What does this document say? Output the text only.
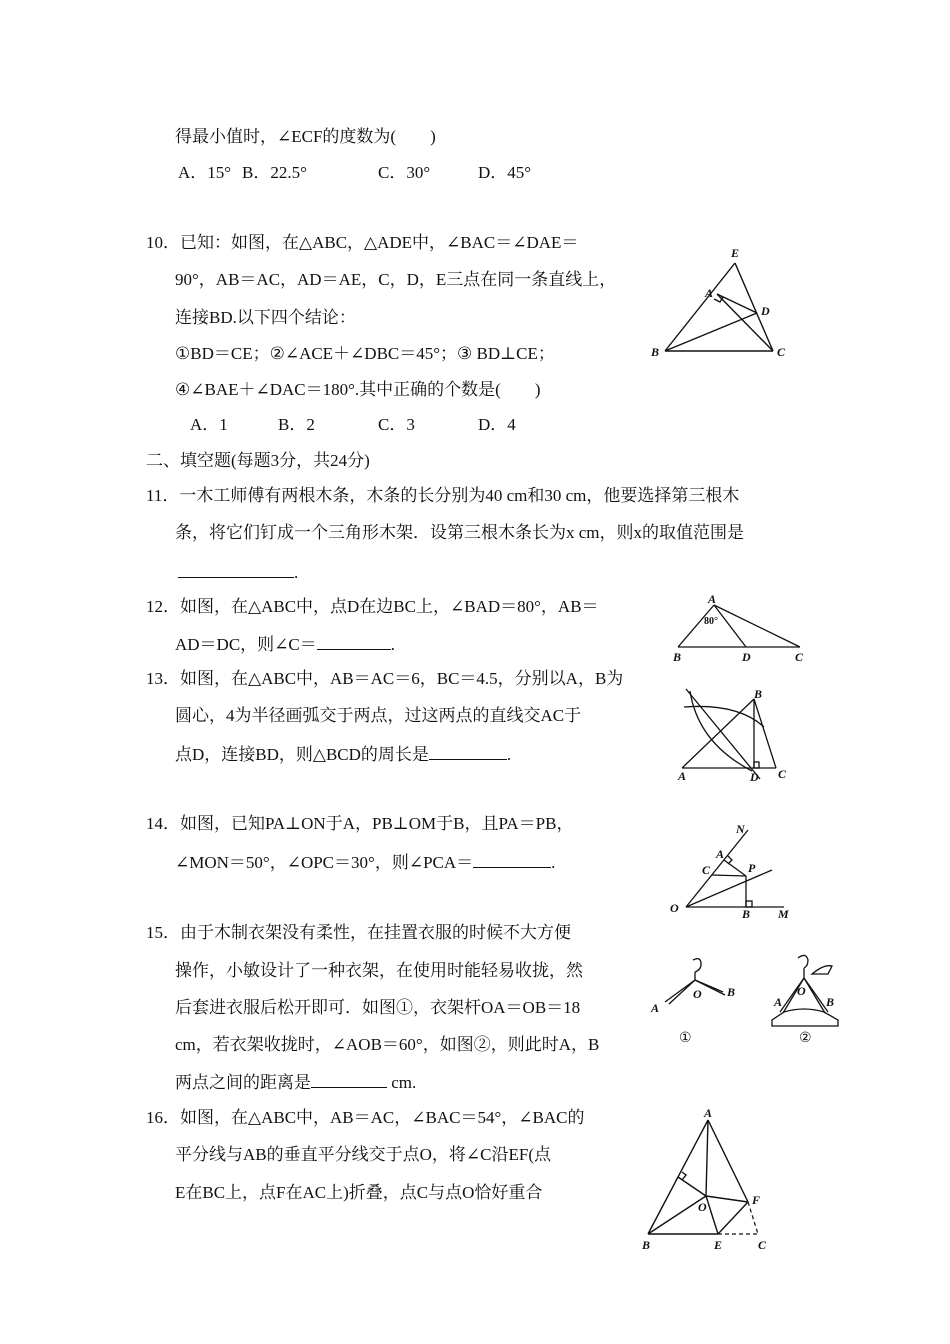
得最小值时，∠ECF的度数为(　　)
A．15° B．22.5°	C．30°	D．45°
10．已知：如图，在△ABC，△ADE中，∠BAC＝∠DAE＝
90°，AB＝AC，AD＝AE，C，D，E三点在同一条直线上，
连接BD.以下四个结论：
①BD＝CE；②∠ACE＋∠DBC＝45°；③ BD⊥CE；
④∠BAE＋∠DAC＝180°.其中正确的个数是(　　)
A．1	B．2	C．3	D．4
E
A
D
B	C
二、填空题(每题3分，共24分)
11．一木工师傅有两根木条，木条的长分别为40 cm和30 cm，他要选择第三根木
条，将它们钉成一个三角形木架．设第三根木条长为x cm，则x的取值范围是
.
12．如图，在△ABC中，点D在边BC上，∠BAD＝80°，AB＝
AD＝DC，则∠C＝	.
A
80°
B	D	C
13．如图，在△ABC中，AB＝AC＝6，BC＝4.5，分别以A，B为
圆心，4为半径画弧交于两点，过这两点的直线交AC于
点D，连接BD，则△BCD的周长是	.
B
A	D C
14．如图，已知PA⊥ON于A，PB⊥OM于B，且PA＝PB，
∠MON＝50°，∠OPC＝30°，则∠PCA＝	.
N
A
C	P
O	B M
15．由于木制衣架没有柔性，在挂置衣服的时候不大方便
操作，小敏设计了一种衣架，在使用时能轻易收拢，然
后套进衣服后松开即可．如图①，衣架杆OA＝OB＝18
cm，若衣架收拢时，∠AOB＝60°，如图②，则此时A，B
两点之间的距离是	cm.
A
O B
①
O
A	B
②
16．如图，在△ABC中，AB＝AC，∠BAC＝54°，∠BAC的
平分线与AB的垂直平分线交于点O，将∠C沿EF(点
E在BC上，点F在AC上)折叠，点C与点O恰好重合
A
O	F
B	E	C
